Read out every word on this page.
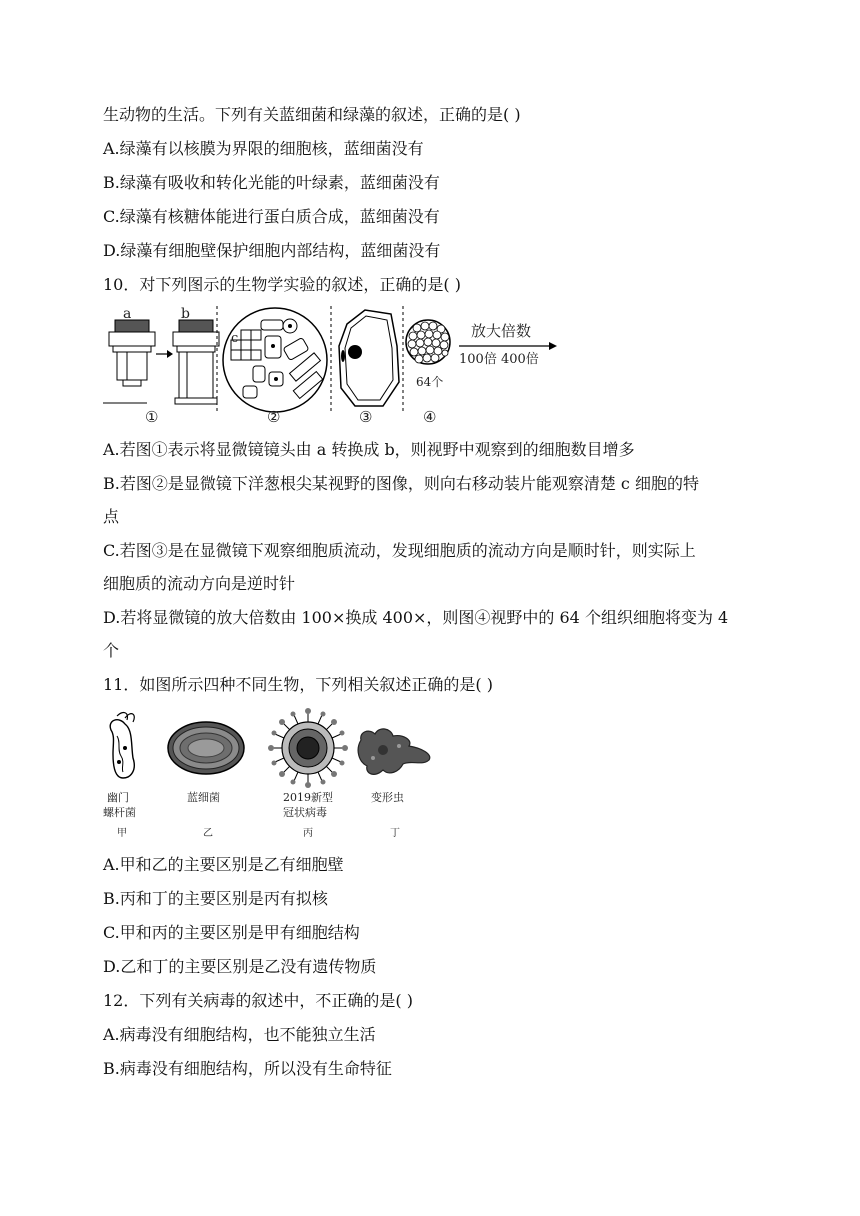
生动物的生活。下列有关蓝细菌和绿藻的叙述，正确的是( )
A.绿藻有以核膜为界限的细胞核，蓝细菌没有
B.绿藻有吸收和转化光能的叶绿素，蓝细菌没有
C.绿藻有核糖体能进行蛋白质合成，蓝细菌没有
D.绿藻有细胞壁保护细胞内部结构，蓝细菌没有
10．对下列图示的生物学实验的叙述，正确的是( )
a	b
①
c
②	③
64个
④
放大倍数
100倍 400倍
A.若图①表示将显微镜镜头由 a 转换成 b，则视野中观察到的细胞数目增多
B.若图②是显微镜下洋葱根尖某视野的图像，则向右移动装片能观察清楚 c 细胞的特
点
C.若图③是在显微镜下观察细胞质流动，发现细胞质的流动方向是顺时针，则实际上
细胞质的流动方向是逆时针
D.若将显微镜的放大倍数由 100×换成 400×，则图④视野中的 64 个组织细胞将变为 4
个
11．如图所示四种不同生物，下列相关叙述正确的是( )
幽门
螺杆菌
甲
蓝细菌
乙
2019新型
冠状病毒
丙
变形虫
丁
A.甲和乙的主要区别是乙有细胞壁
B.丙和丁的主要区别是丙有拟核
C.甲和丙的主要区别是甲有细胞结构
D.乙和丁的主要区别是乙没有遗传物质
12．下列有关病毒的叙述中，不正确的是( )
A.病毒没有细胞结构，也不能独立生活
B.病毒没有细胞结构，所以没有生命特征
